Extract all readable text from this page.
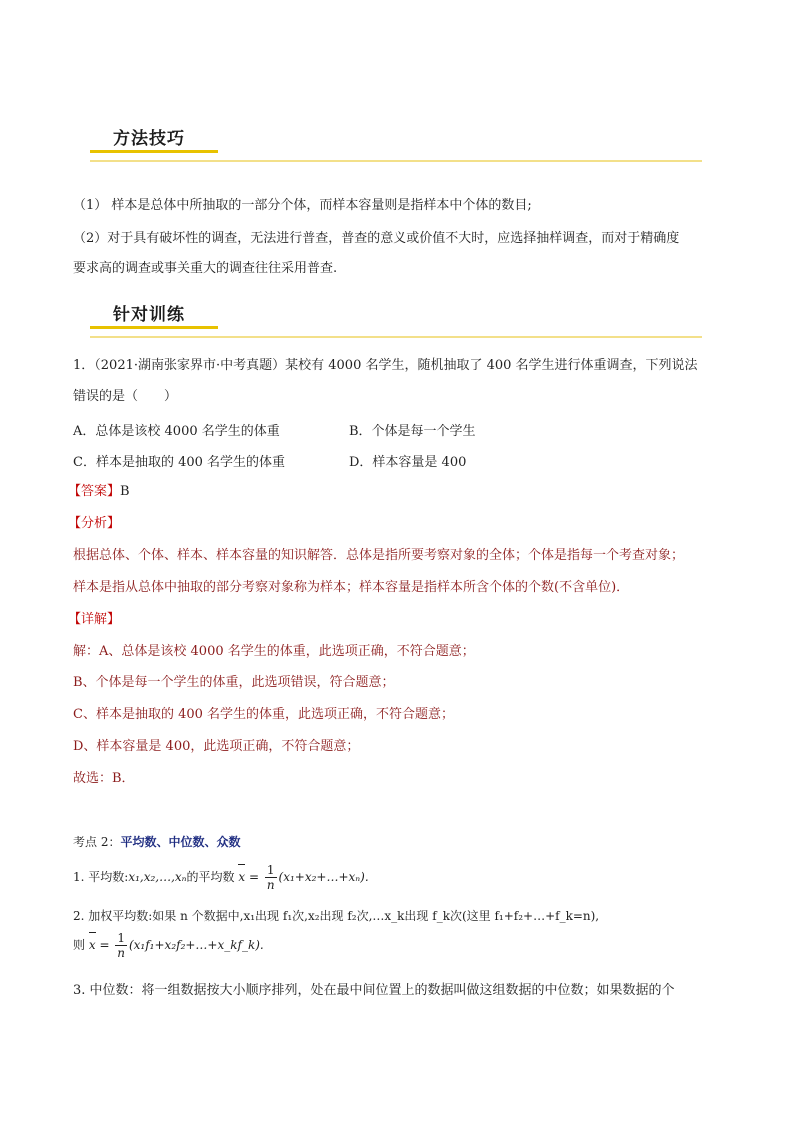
方法技巧
（1） 样本是总体中所抽取的一部分个体，而样本容量则是指样本中个体的数目;
（2）对于具有破坏性的调查，无法进行普查，普查的意义或价值不大时，应选择抽样调查，而对于精确度
要求高的调查或事关重大的调查往往采用普查.
针对训练
1．（2021·湖南张家界市·中考真题）某校有 4000 名学生，随机抽取了 400 名学生进行体重调查，下列说法
错误的是（　　）
A．总体是该校 4000 名学生的体重	B．个体是每一个学生
C．样本是抽取的 400 名学生的体重	D．样本容量是 400
【答案】B
【分析】
根据总体、个体、样本、样本容量的知识解答．总体是指所要考察对象的全体；个体是指每一个考查对象；
样本是指从总体中抽取的部分考察对象称为样本；样本容量是指样本所含个体的个数(不含单位)．
【详解】
解：A、总体是该校 4000 名学生的体重，此选项正确，不符合题意；
B、个体是每一个学生的体重，此选项错误，符合题意；
C、样本是抽取的 400 名学生的体重，此选项正确，不符合题意；
D、样本容量是 400，此选项正确，不符合题意；
故选：B．
考点 2：平均数、中位数、众数
1. 平均数:x₁,x₂,…,xₙ的平均数 $x = \frac{1}{n}$ (x₁+x₂+…+xₙ).
2. 加权平均数:如果 n 个数据中,x₁出现 f₁次,x₂出现 f₂次,…x_k出现 f_k次(这里 f₁+f₂+…+f_k=n),
则 $x = \frac{1}{n}$ (x₁f₁+x₂f₂+…+x_kf_k).
3. 中位数：将一组数据按大小顺序排列，处在最中间位置上的数据叫做这组数据的中位数；如果数据的个
